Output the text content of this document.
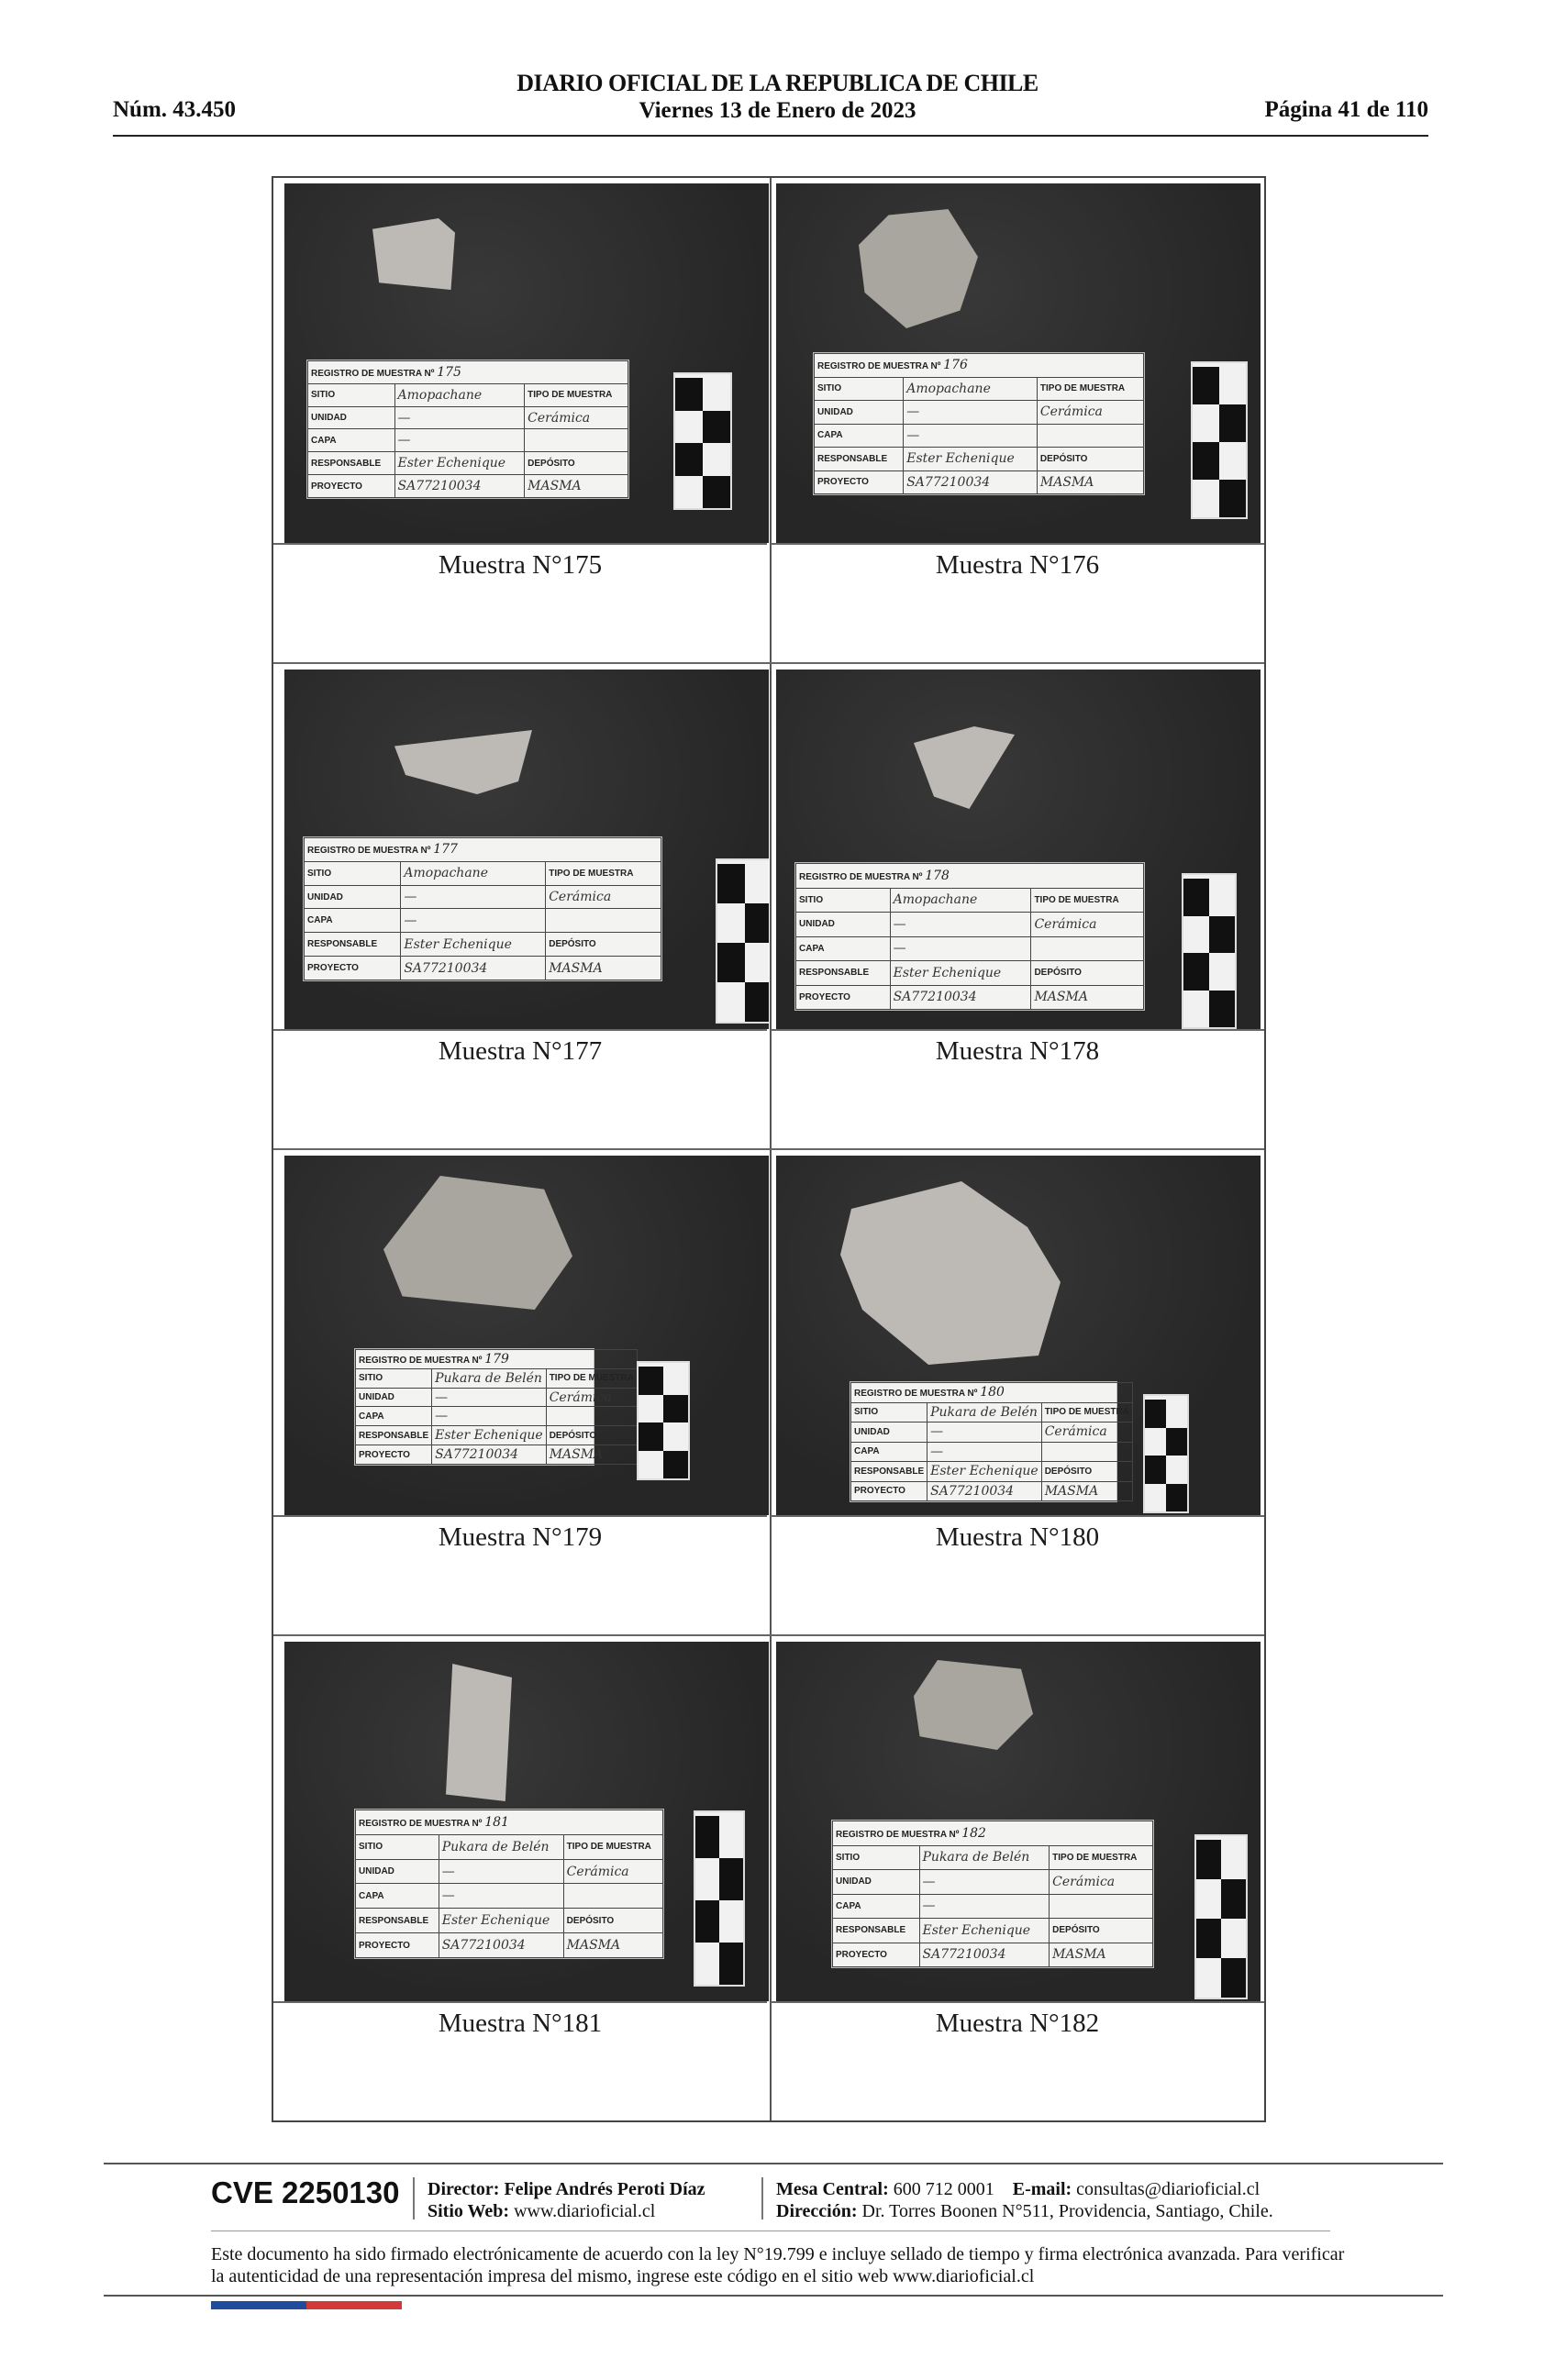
Núm. 43.450
DIARIO OFICIAL DE LA REPUBLICA DE CHILE
Viernes 13 de Enero de 2023	Página 41 de 110
REGISTRO DE MUESTRA Nº 175		
SITIO	Amopachane	TIPO DE MUESTRA
UNIDAD	—	Cerámica
CAPA	—	
RESPONSABLE	Ester Echenique	DEPÓSITO
PROYECTO	SA77210034	MASMA
Muestra N°175
REGISTRO DE MUESTRA Nº 176		
SITIO	Amopachane	TIPO DE MUESTRA
UNIDAD	—	Cerámica
CAPA	—	
RESPONSABLE	Ester Echenique	DEPÓSITO
PROYECTO	SA77210034	MASMA
Muestra N°176
REGISTRO DE MUESTRA Nº 177		
SITIO	Amopachane	TIPO DE MUESTRA
UNIDAD	—	Cerámica
CAPA	—	
RESPONSABLE	Ester Echenique	DEPÓSITO
PROYECTO	SA77210034	MASMA
Muestra N°177
REGISTRO DE MUESTRA Nº 178		
SITIO	Amopachane	TIPO DE MUESTRA
UNIDAD	—	Cerámica
CAPA	—	
RESPONSABLE	Ester Echenique	DEPÓSITO
PROYECTO	SA77210034	MASMA
Muestra N°178
REGISTRO DE MUESTRA Nº 179		
SITIO	Pukara de Belén	TIPO DE MUESTRA
UNIDAD	—	Cerámica
CAPA	—	
RESPONSABLE	Ester Echenique	DEPÓSITO
PROYECTO	SA77210034	MASMA
Muestra N°179
REGISTRO DE MUESTRA Nº 180		
SITIO	Pukara de Belén	TIPO DE MUESTRA
UNIDAD	—	Cerámica
CAPA	—	
RESPONSABLE	Ester Echenique	DEPÓSITO
PROYECTO	SA77210034	MASMA
Muestra N°180
REGISTRO DE MUESTRA Nº 181		
SITIO	Pukara de Belén	TIPO DE MUESTRA
UNIDAD	—	Cerámica
CAPA	—	
RESPONSABLE	Ester Echenique	DEPÓSITO
PROYECTO	SA77210034	MASMA
Muestra N°181
REGISTRO DE MUESTRA Nº 182		
SITIO	Pukara de Belén	TIPO DE MUESTRA
UNIDAD	—	Cerámica
CAPA	—	
RESPONSABLE	Ester Echenique	DEPÓSITO
PROYECTO	SA77210034	MASMA
Muestra N°182
CVE 2250130 Director: Felipe Andrés Peroti Díaz
Sitio Web: www.diarioficial.cl
Mesa Central: 600 712 0001 E-mail: consultas@diarioficial.cl
Dirección: Dr. Torres Boonen N°511, Providencia, Santiago, Chile.
Este documento ha sido firmado electrónicamente de acuerdo con la ley N°19.799 e incluye sellado de tiempo y firma electrónica avanzada. Para verificar la autenticidad de una representación impresa del mismo, ingrese este código en el sitio web www.diarioficial.cl
